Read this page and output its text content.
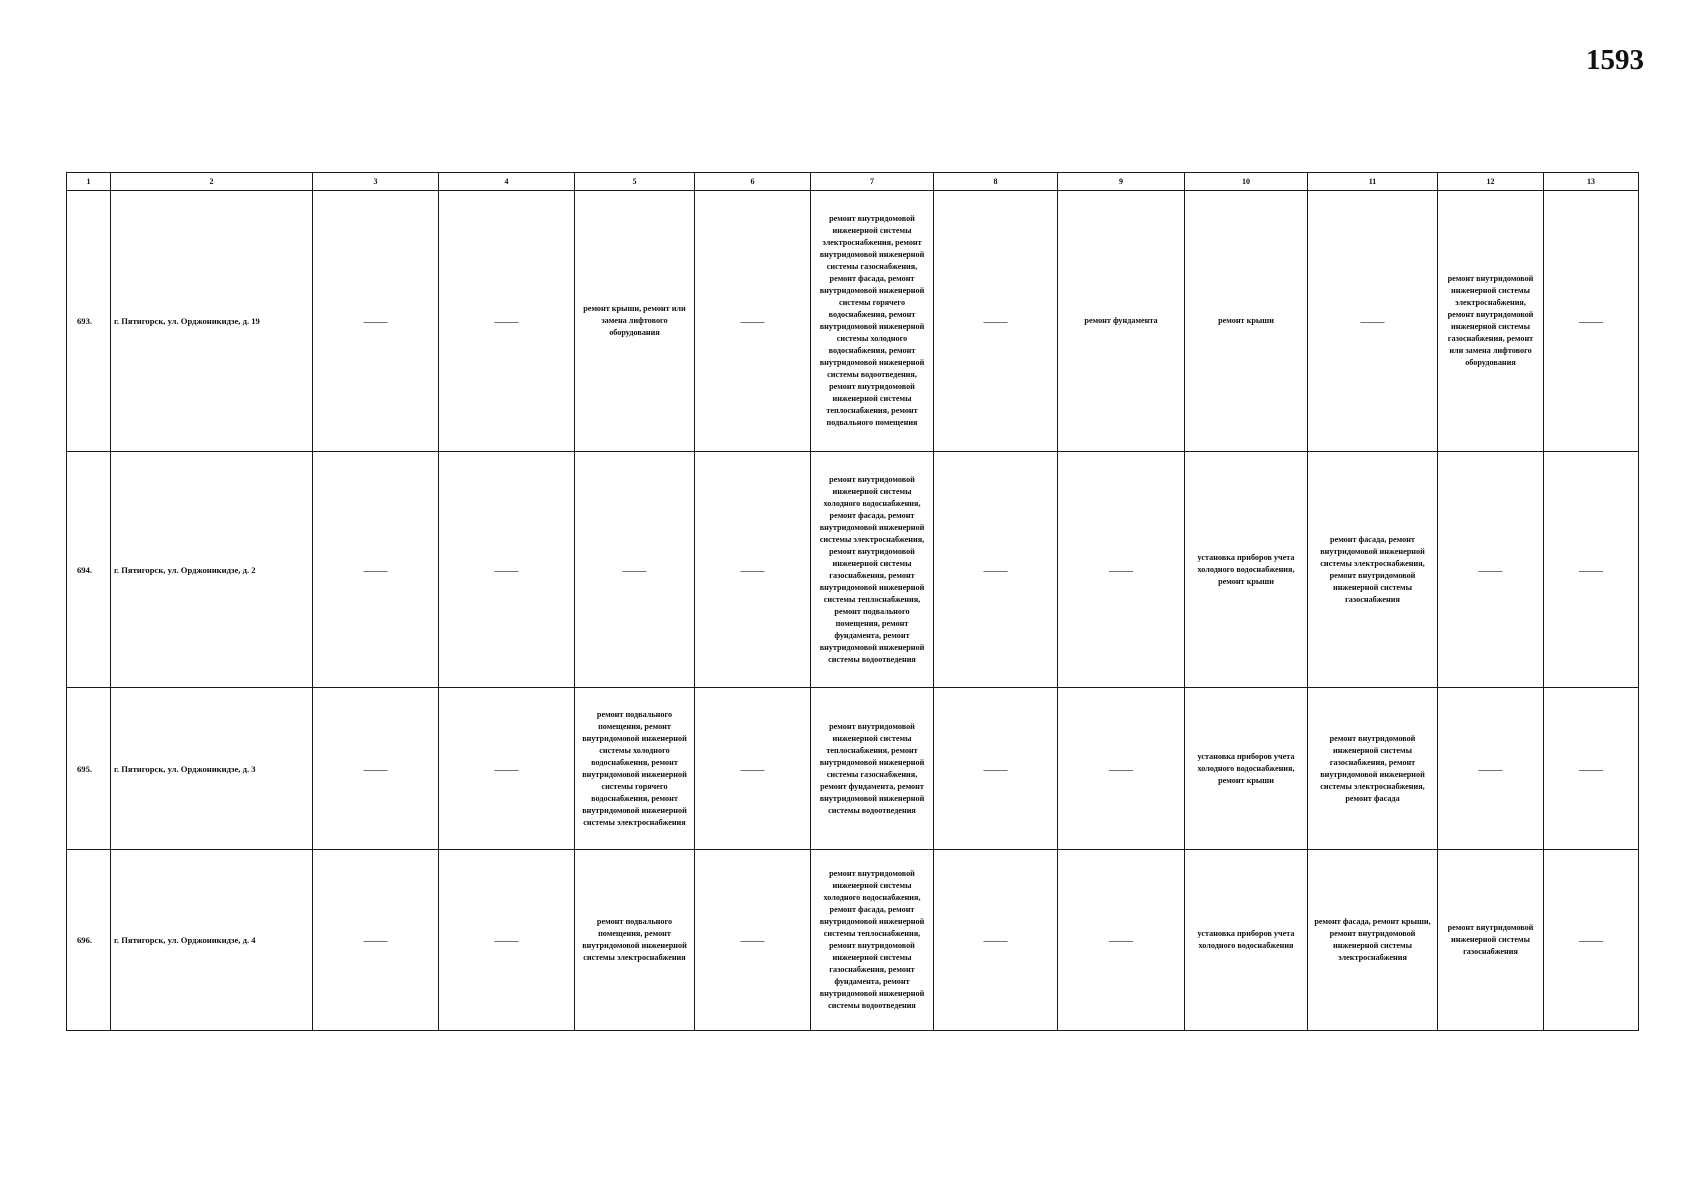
1593
1	2	3	4	5	6	7	8	9	10	11	12	13
693.	г. Пятигорск, ул. Орджоникидзе, д. 19	——	——	ремонт крыши, ремонт или замена лифтового оборудования	——	ремонт внутридомовой инженерной системы электроснабжения, ремонт внутридомовой инженерной системы газоснабжения, ремонт фасада, ремонт внутридомовой инженерной системы горячего водоснабжения, ремонт внутридомовой инженерной системы холодного водоснабжения, ремонт внутридомовой инженерной системы водоотведения, ремонт внутридомовой инженерной системы теплоснабжения, ремонт подвального помещения	——	ремонт фундамента	ремонт крыши	——	ремонт внутридомовой инженерной системы электроснабжения, ремонт внутридомовой инженерной системы газоснабжения, ремонт или замена лифтового оборудования	——
694.	г. Пятигорск, ул. Орджоникидзе, д. 2	——	——	——	——	ремонт внутридомовой инженерной системы холодного водоснабжения, ремонт фасада, ремонт внутридомовой инженерной системы электроснабжения, ремонт внутридомовой инженерной системы газоснабжения, ремонт внутридомовой инженерной системы теплоснабжения, ремонт подвального помещения, ремонт фундамента, ремонт внутридомовой инженерной системы водоотведения	——	——	установка приборов учета холодного водоснабжения, ремонт крыши	ремонт фасада, ремонт внутридомовой инженерной системы электроснабжения, ремонт внутридомовой инженерной системы газоснабжения	——	——
695.	г. Пятигорск, ул. Орджоникидзе, д. 3	——	——	ремонт подвального помещения, ремонт внутридомовой инженерной системы холодного водоснабжения, ремонт внутридомовой инженерной системы горячего водоснабжения, ремонт внутридомовой инженерной системы электроснабжения	——	ремонт внутридомовой инженерной системы теплоснабжения, ремонт внутридомовой инженерной системы газоснабжения, ремонт фундамента, ремонт внутридомовой инженерной системы водоотведения	——	——	установка приборов учета холодного водоснабжения, ремонт крыши	ремонт внутридомовой инженерной системы газоснабжения, ремонт внутридомовой инженерной системы электроснабжения, ремонт фасада	——	——
696.	г. Пятигорск, ул. Орджоникидзе, д. 4	——	——	ремонт подвального помещения, ремонт внутридомовой инженерной системы электроснабжения	——	ремонт внутридомовой инженерной системы холодного водоснабжения, ремонт фасада, ремонт внутридомовой инженерной системы теплоснабжения, ремонт внутридомовой инженерной системы газоснабжения, ремонт фундамента, ремонт внутридомовой инженерной системы водоотведения	——	——	установка приборов учета холодного водоснабжения	ремонт фасада, ремонт крыши, ремонт внутридомовой инженерной системы электроснабжения	ремонт внутридомовой инженерной системы газоснабжения	——
